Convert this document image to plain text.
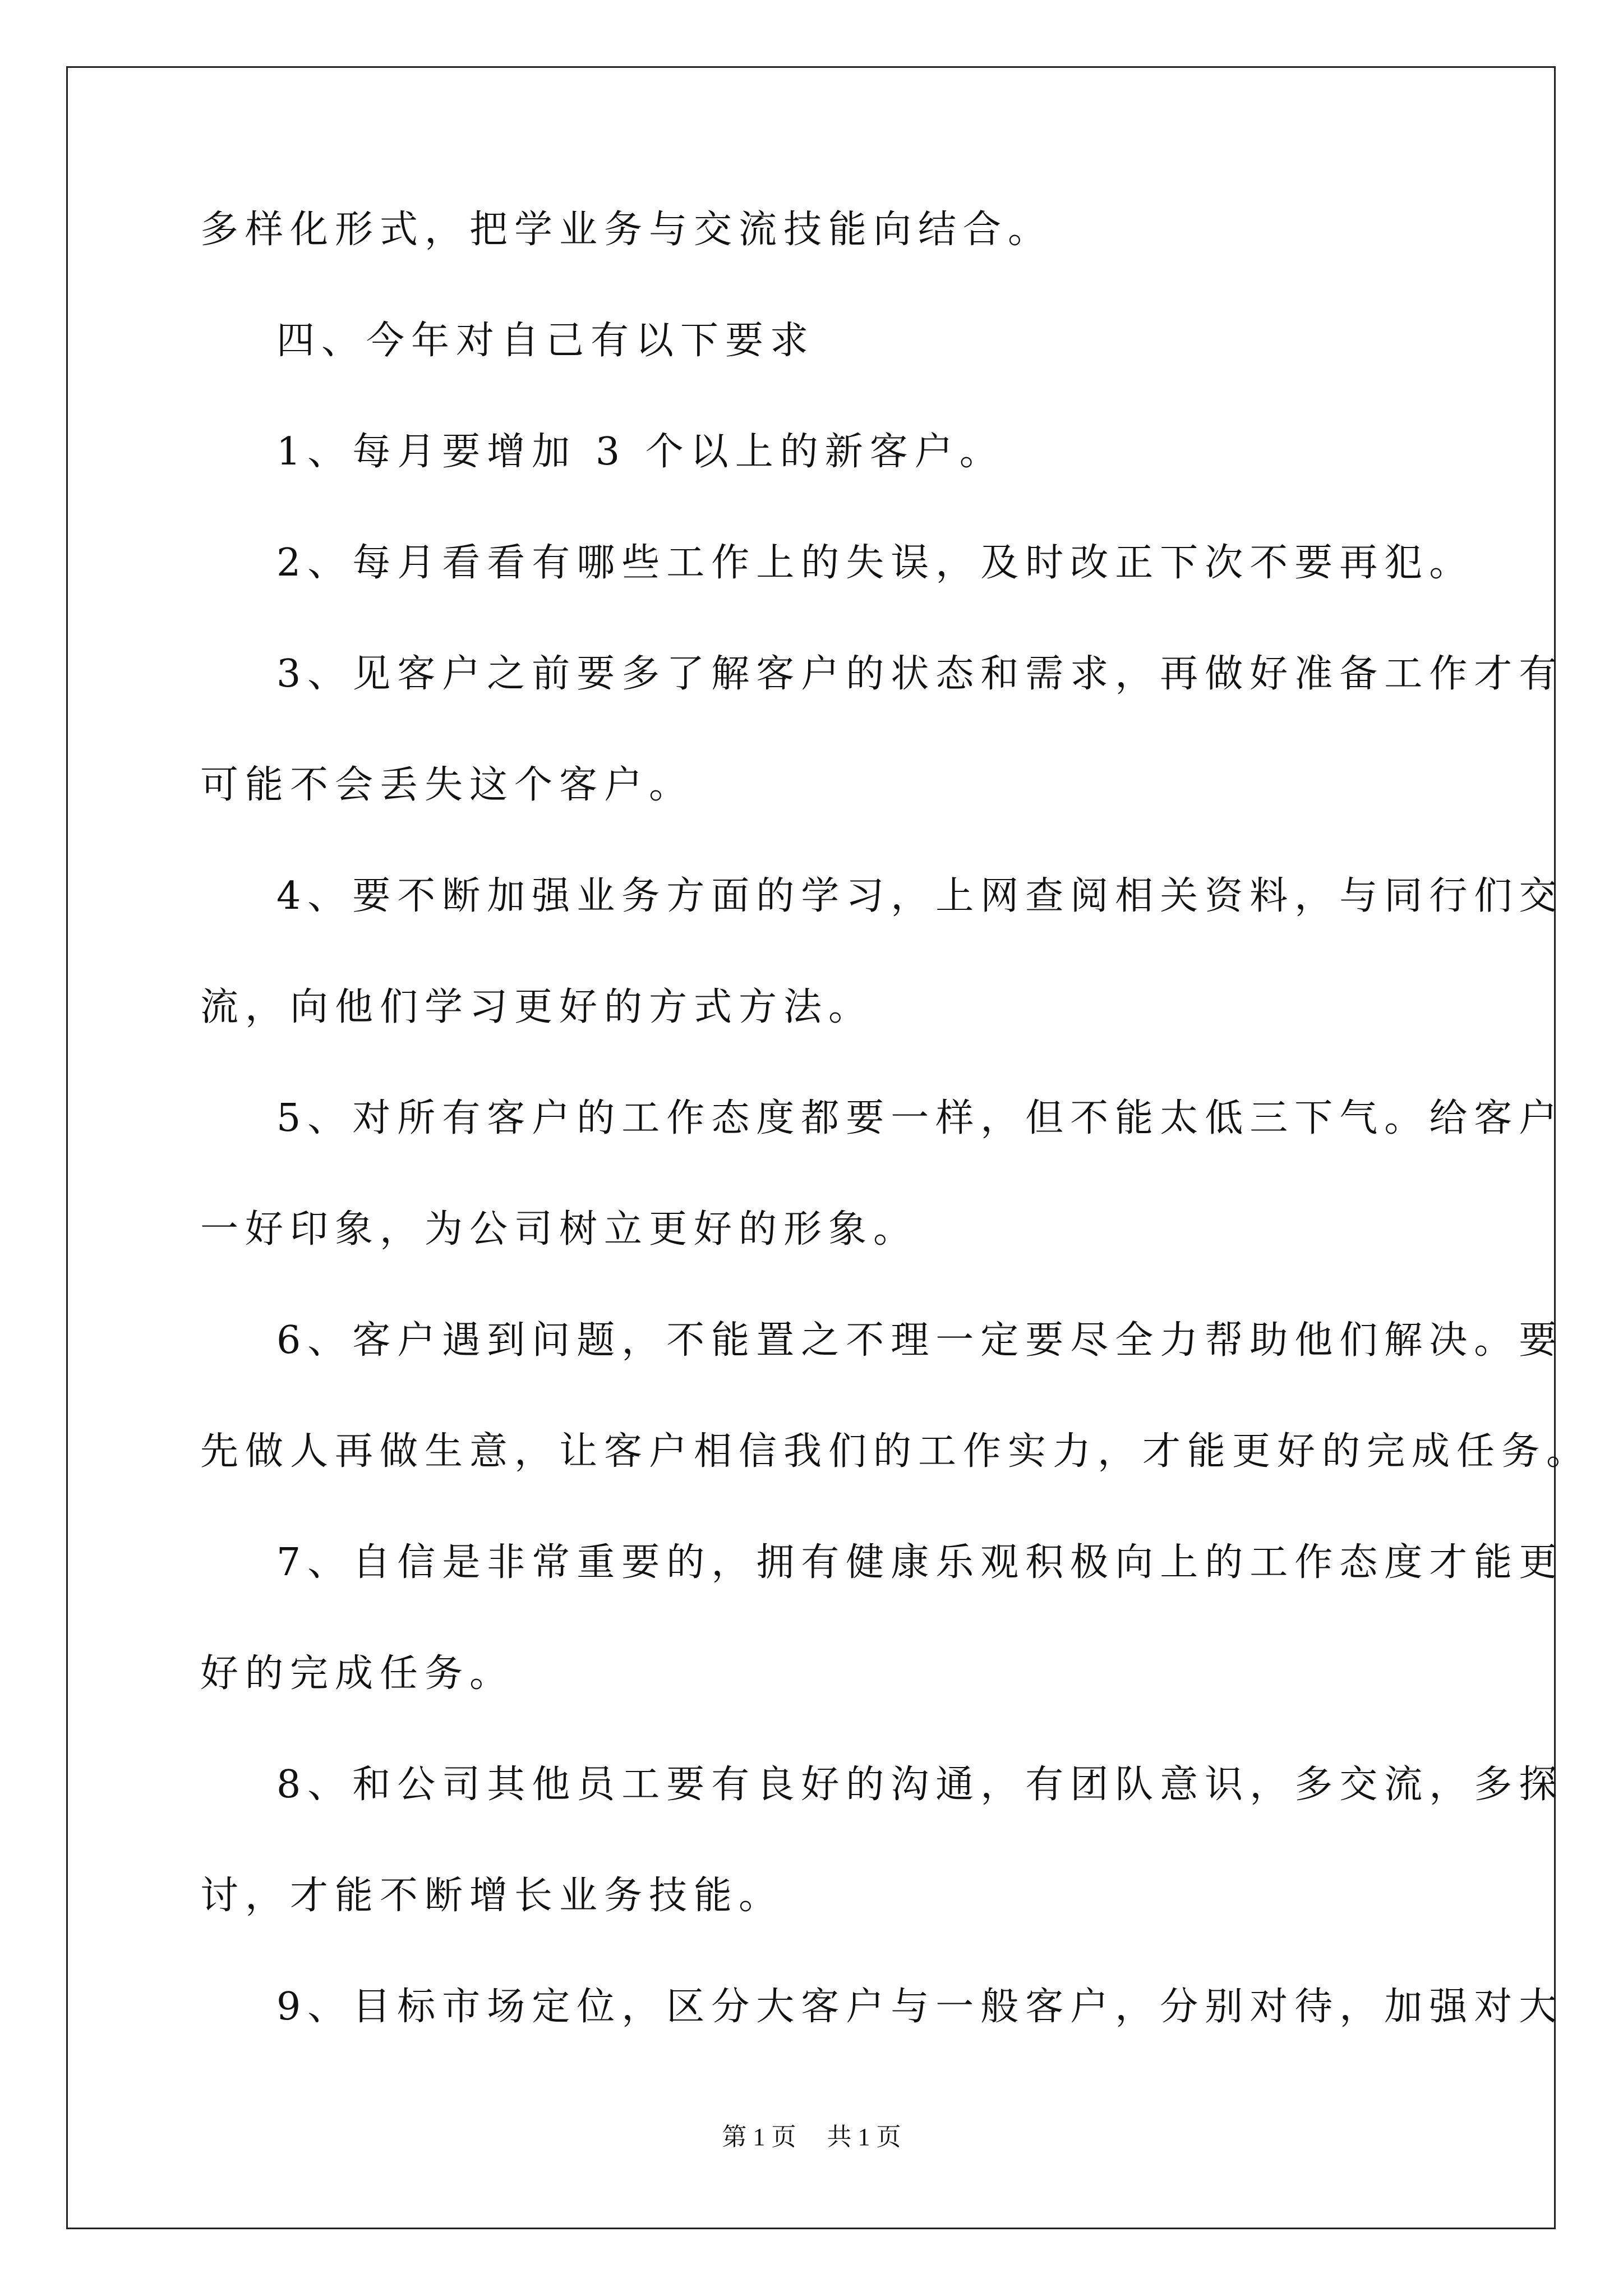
多样化形式，把学业务与交流技能向结合。
四、今年对自己有以下要求
1、每月要增加 3 个以上的新客户。
2、每月看看有哪些工作上的失误，及时改正下次不要再犯。
3、见客户之前要多了解客户的状态和需求，再做好准备工作才有
可能不会丢失这个客户。
4、要不断加强业务方面的学习，上网查阅相关资料，与同行们交
流，向他们学习更好的方式方法。
5、对所有客户的工作态度都要一样，但不能太低三下气。给客户
一好印象，为公司树立更好的形象。
6、客户遇到问题，不能置之不理一定要尽全力帮助他们解决。要
先做人再做生意，让客户相信我们的工作实力，才能更好的完成任务。
7、自信是非常重要的，拥有健康乐观积极向上的工作态度才能更
好的完成任务。
8、和公司其他员工要有良好的沟通，有团队意识，多交流，多探
讨，才能不断增长业务技能。
9、目标市场定位，区分大客户与一般客户，分别对待，加强对大
第 1 页　 共 1 页
